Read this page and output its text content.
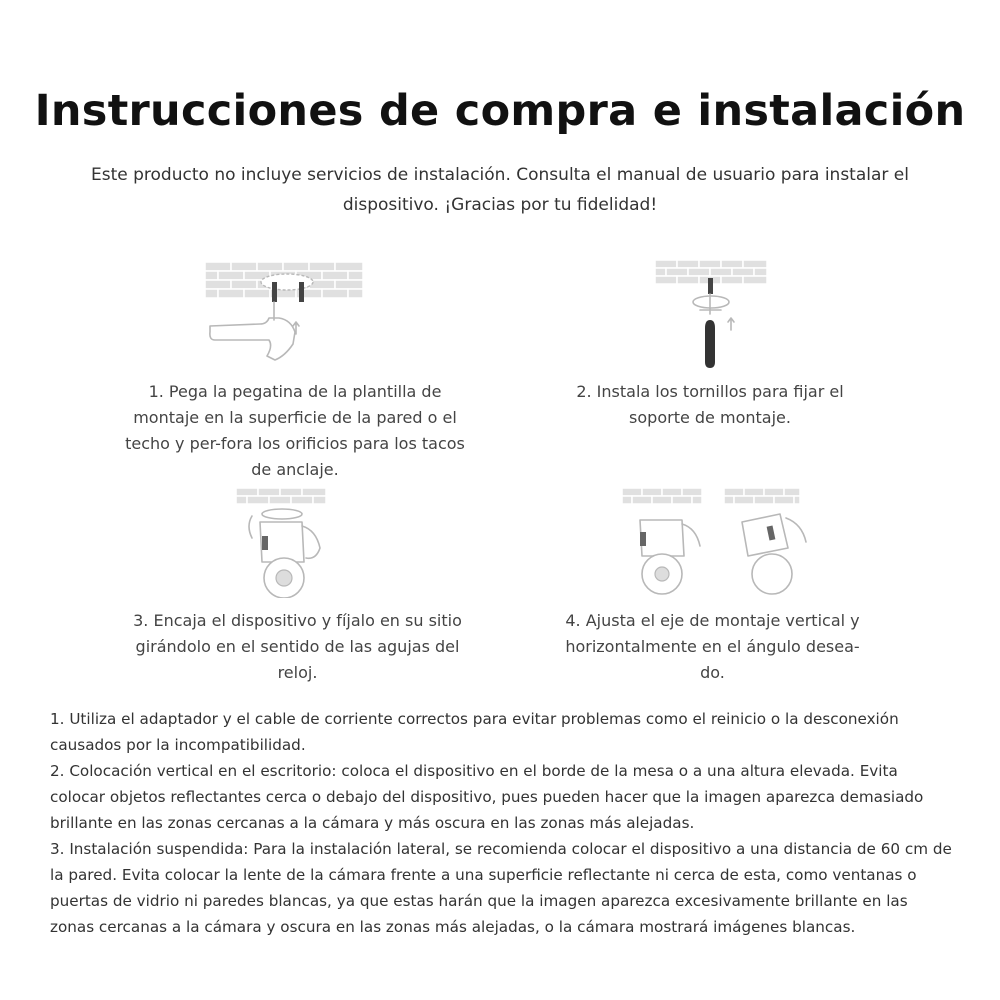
Instrucciones de compra e instalación

Este producto no incluye servicios de instalación. Consulta el manual de usuario para instalar el dispositivo. ¡Gracias por tu fidelidad!

1. Pega la pegatina de la plantilla de montaje en la superficie de la pared o el techo y per-fora los orificios para los tacos de anclaje.

2. Instala los tornillos para fijar el soporte de montaje.

3. Encaja el dispositivo y fíjalo en su sitio girándolo en el sentido de las agujas del reloj.

4. Ajusta el eje de montaje vertical y horizontalmente en el ángulo desea-do.

1. Utiliza el adaptador y el cable de corriente correctos para evitar problemas como el reinicio o la desconexión causados por la incompatibilidad.

2. Colocación vertical en el escritorio: coloca el dispositivo en el borde de la mesa o a una altura elevada. Evita colocar objetos reflectantes cerca o debajo del dispositivo, pues pueden hacer que la imagen aparezca demasiado brillante en las zonas cercanas a la cámara y más oscura en las zonas más alejadas.

3. Instalación suspendida: Para la instalación lateral, se recomienda colocar el dispositivo a una distancia de 60 cm de la pared. Evita colocar la lente de la cámara frente a una superficie reflectante ni cerca de esta, como ventanas o puertas de vidrio ni paredes blancas, ya que estas harán que la imagen aparezca excesivamente brillante en las zonas cercanas a la cámara y oscura en las zonas más alejadas, o la cámara mostrará imágenes blancas.
